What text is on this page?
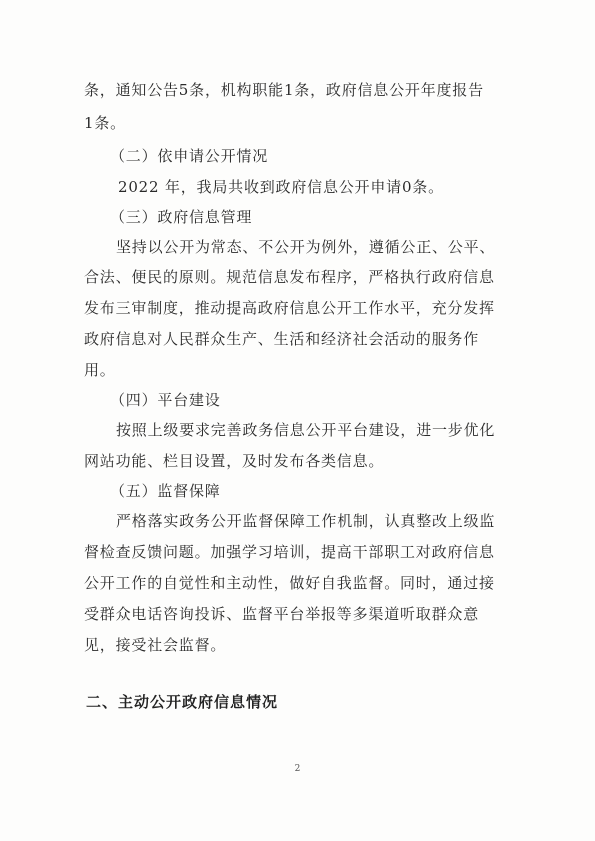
条，通知公告5条，机构职能1条，政府信息公开年度报告
1条。
（二）依申请公开情况
2022 年，我局共收到政府信息公开申请0条。
（三）政府信息管理
坚持以公开为常态、不公开为例外，遵循公正、公平、
合法、便民的原则。规范信息发布程序，严格执行政府信息
发布三审制度，推动提高政府信息公开工作水平，充分发挥
政府信息对人民群众生产、生活和经济社会活动的服务作
用。
（四）平台建设
按照上级要求完善政务信息公开平台建设，进一步优化
网站功能、栏目设置，及时发布各类信息。
（五）监督保障
严格落实政务公开监督保障工作机制，认真整改上级监
督检查反馈问题。加强学习培训，提高干部职工对政府信息
公开工作的自觉性和主动性，做好自我监督。同时，通过接
受群众电话咨询投诉、监督平台举报等多渠道听取群众意
见，接受社会监督。
二、主动公开政府信息情况
2
